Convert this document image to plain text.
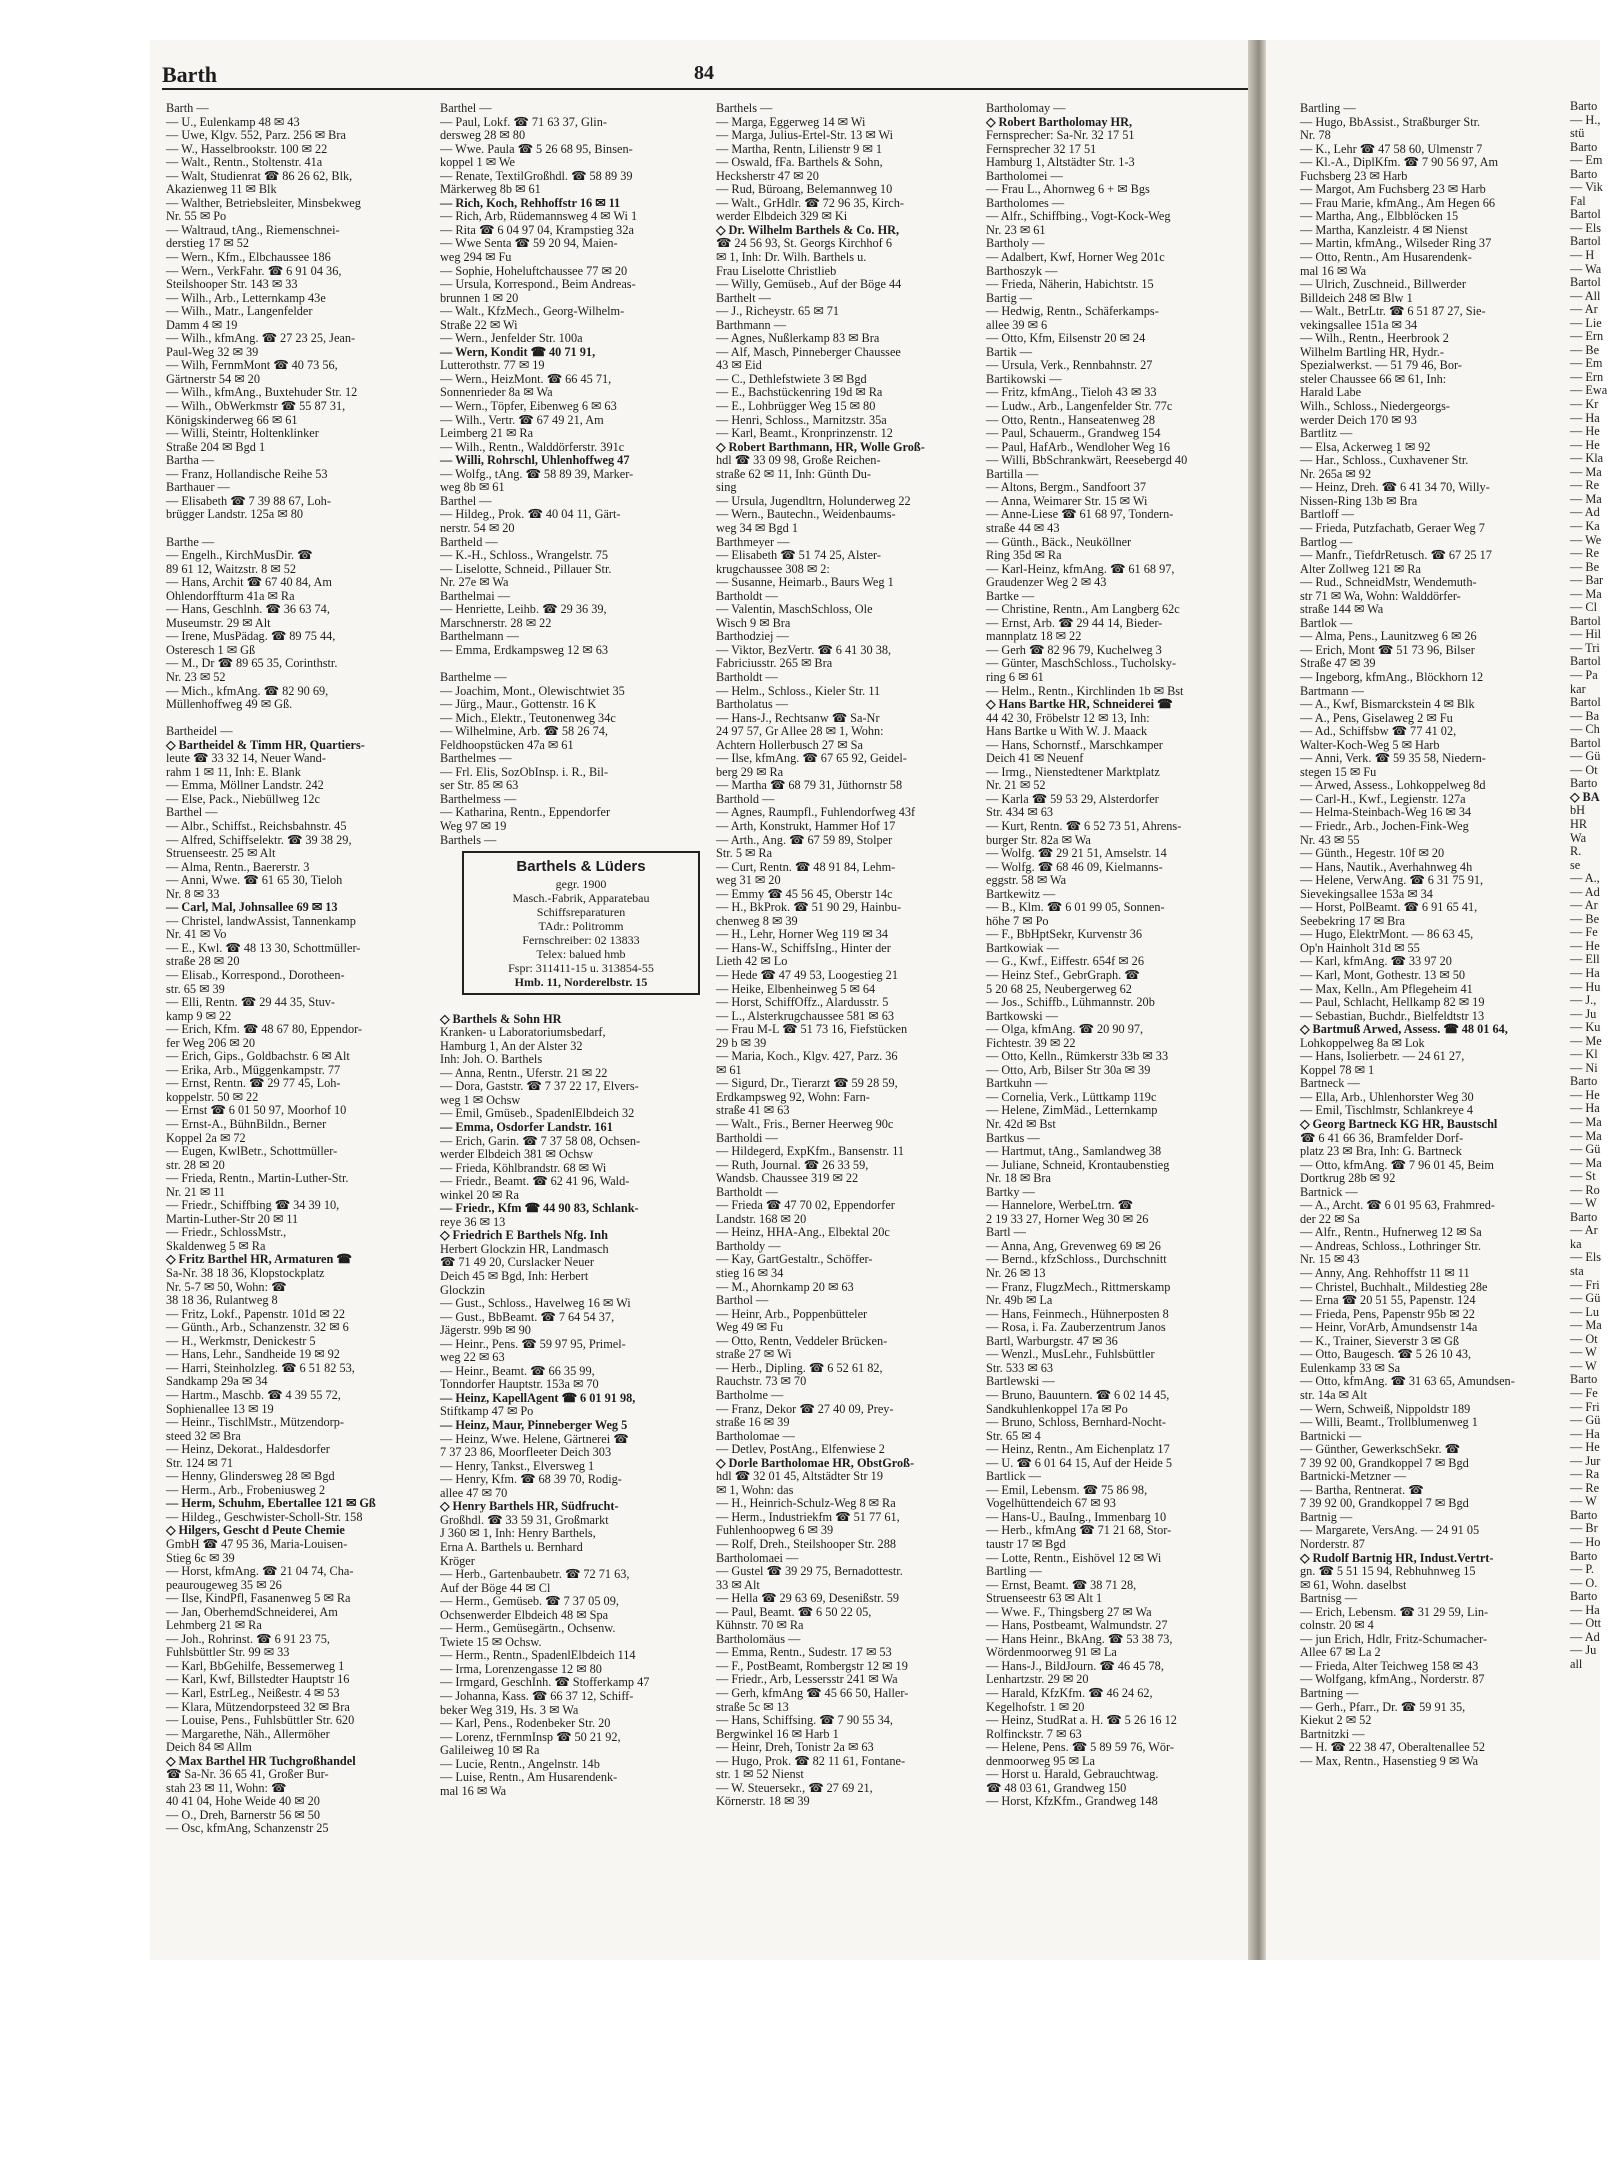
Barth	84
Barth —
— U., Eulenkamp 48 ✉ 43
— Uwe, Klgv. 552, Parz. 256 ✉ Bra
— W., Hasselbrookstr. 100 ✉ 22
— Walt., Rentn., Stoltenstr. 41a
— Walt, Studienrat ☎ 86 26 62, Blk,
Akazienweg 11 ✉ Blk
— Walther, Betriebsleiter, Minsbekweg
Nr. 55 ✉ Po
— Waltraud, tAng., Riemenschnei-
derstieg 17 ✉ 52
— Wern., Kfm., Elbchaussee 186
— Wern., VerkFahr. ☎ 6 91 04 36,
Steilshooper Str. 143 ✉ 33
— Wilh., Arb., Letternkamp 43e
— Wilh., Matr., Langenfelder
Damm 4 ✉ 19
— Wilh., kfmAng. ☎ 27 23 25, Jean-
Paul-Weg 32 ✉ 39
— Wilh, FernmMont ☎ 40 73 56,
Gärtnerstr 54 ✉ 20
— Wilh., kfmAng., Buxtehuder Str. 12
— Wilh., ObWerkmstr ☎ 55 87 31,
Königskinderweg 66 ✉ 61
— Willi, Steintr, Holtenklinker
Straße 204 ✉ Bgd 1
Bartha —
— Franz, Hollandische Reihe 53
Barthauer —
— Elisabeth ☎ 7 39 88 67, Loh-
brügger Landstr. 125a ✉ 80

Barthe —
— Engelh., KirchMusDir. ☎
89 61 12, Waitzstr. 8 ✉ 52
— Hans, Archit ☎ 67 40 84, Am
Ohlendorffturm 41a ✉ Ra
— Hans, Geschlnh. ☎ 36 63 74,
Museumstr. 29 ✉ Alt
— Irene, MusPädag. ☎ 89 75 44,
Osteresch 1 ✉ Gß
— M., Dr ☎ 89 65 35, Corinthstr.
Nr. 23 ✉ 52
— Mich., kfmAng. ☎ 82 90 69,
Müllenhoffweg 49 ✉ Gß.

Bartheidel —
◇ Bartheidel & Timm HR, Quartiers-
leute ☎ 33 32 14, Neuer Wand-
rahm 1 ✉ 11, Inh: E. Blank
— Emma, Möllner Landstr. 242
— Else, Pack., Niebüllweg 12c
Barthel —
— Albr., Schiffst., Reichsbahnstr. 45
— Alfred, Schiffselektr. ☎ 39 38 29,
Struenseestr. 25 ✉ Alt
— Alma, Rentn., Baererstr. 3
— Anni, Wwe. ☎ 61 65 30, Tieloh
Nr. 8 ✉ 33
— Carl, Mal, Johnsallee 69 ✉ 13
— Christel, landwAssist, Tannenkamp
Nr. 41 ✉ Vo
— E., Kwl. ☎ 48 13 30, Schottmüller-
straße 28 ✉ 20
— Elisab., Korrespond., Dorotheen-
str. 65 ✉ 39
— Elli, Rentn. ☎ 29 44 35, Stuv-
kamp 9 ✉ 22
— Erich, Kfm. ☎ 48 67 80, Eppendor-
fer Weg 206 ✉ 20
— Erich, Gips., Goldbachstr. 6 ✉ Alt
— Erika, Arb., Müggenkampstr. 77
— Ernst, Rentn. ☎ 29 77 45, Loh-
koppelstr. 50 ✉ 22
— Ernst ☎ 6 01 50 97, Moorhof 10
— Ernst-A., BühnBildn., Berner
Koppel 2a ✉ 72
— Eugen, KwlBetr., Schottmüller-
str. 28 ✉ 20
— Frieda, Rentn., Martin-Luther-Str.
Nr. 21 ✉ 11
— Friedr., Schiffbing ☎ 34 39 10,
Martin-Luther-Str 20 ✉ 11
— Friedr., SchlossMstr.,
Skaldenweg 5 ✉ Ra
◇ Fritz Barthel HR, Armaturen ☎
Sa-Nr. 38 18 36, Klopstockplatz
Nr. 5-7 ✉ 50, Wohn: ☎
38 18 36, Rulantweg 8
— Fritz, Lokf., Papenstr. 101d ✉ 22
— Günth., Arb., Schanzenstr. 32 ✉ 6
— H., Werkmstr, Denickestr 5
— Hans, Lehr., Sandheide 19 ✉ 92
— Harri, Steinholzleg. ☎ 6 51 82 53,
Sandkamp 29a ✉ 34
— Hartm., Maschb. ☎ 4 39 55 72,
Sophienallee 13 ✉ 19
— Heinr., TischlMstr., Mützendorp-
steed 32 ✉ Bra
— Heinz, Dekorat., Haldesdorfer
Str. 124 ✉ 71
— Henny, Glindersweg 28 ✉ Bgd
— Herm., Arb., Frobeniusweg 2
— Herm, Schuhm, Ebertallee 121 ✉ Gß
— Hildeg., Geschwister-Scholl-Str. 158
◇ Hilgers, Gescht d Peute Chemie
GmbH ☎ 47 95 36, Maria-Louisen-
Stieg 6c ✉ 39
— Horst, kfmAng. ☎ 21 04 74, Cha-
peaurougeweg 35 ✉ 26
— Ilse, KindPfl, Fasanenweg 5 ✉ Ra
— Jan, OberhemdSchneiderei, Am
Lehmberg 21 ✉ Ra
— Joh., Rohrinst. ☎ 6 91 23 75,
Fuhlsbüttler Str. 99 ✉ 33
— Karl, BbGehilfe, Bessemerweg 1
— Karl, Kwf, Billstedter Hauptstr 16
— Karl, EstrLeg., Neißestr. 4 ✉ 53
— Klara, Mützendorpsteed 32 ✉ Bra
— Louise, Pens., Fuhlsbüttler Str. 620
— Margarethe, Näh., Allermöher
Deich 84 ✉ Allm
◇ Max Barthel HR Tuchgroßhandel
☎ Sa-Nr. 36 65 41, Großer Bur-
stah 23 ✉ 11, Wohn: ☎
40 41 04, Hohe Weide 40 ✉ 20
— O., Dreh, Barnerstr 56 ✉ 50
— Osc, kfmAng, Schanzenstr 25
Barthel —
— Paul, Lokf. ☎ 71 63 37, Glin-
dersweg 28 ✉ 80
— Wwe. Paula ☎ 5 26 68 95, Binsen-
koppel 1 ✉ We
— Renate, TextilGroßhdl. ☎ 58 89 39
Märkerweg 8b ✉ 61
— Rich, Koch, Rehhoffstr 16 ✉ 11
— Rich, Arb, Rüdemannsweg 4 ✉ Wi 1
— Rita ☎ 6 04 97 04, Krampstieg 32a
— Wwe Senta ☎ 59 20 94, Maien-
weg 294 ✉ Fu
— Sophie, Hoheluftchaussee 77 ✉ 20
— Ursula, Korrespond., Beim Andreas-
brunnen 1 ✉ 20
— Walt., KfzMech., Georg-Wilhelm-
Straße 22 ✉ Wi
— Wern., Jenfelder Str. 100a
— Wern, Kondit ☎ 40 71 91,
Lutterothstr. 77 ✉ 19
— Wern., HeizMont. ☎ 66 45 71,
Sonnenrieder 8a ✉ Wa
— Wern., Töpfer, Eibenweg 6 ✉ 63
— Wilh., Vertr. ☎ 67 49 21, Am
Leimberg 21 ✉ Ra
— Wilh., Rentn., Walddörferstr. 391c
— Willi, Rohrschl, Uhlenhoffweg 47
— Wolfg., tAng. ☎ 58 89 39, Marker-
weg 8b ✉ 61
Barthel —
— Hildeg., Prok. ☎ 40 04 11, Gärt-
nerstr. 54 ✉ 20
Bartheld —
— K.-H., Schloss., Wrangelstr. 75
— Liselotte, Schneid., Pillauer Str.
Nr. 27e ✉ Wa
Barthelmai —
— Henriette, Leihb. ☎ 29 36 39,
Marschnerstr. 28 ✉ 22
Barthelmann —
— Emma, Erdkampsweg 12 ✉ 63

Barthelme —
— Joachim, Mont., Olewischtwiet 35
— Jürg., Maur., Gottenstr. 16 K
— Mich., Elektr., Teutonenweg 34c
— Wilhelmine, Arb. ☎ 58 26 74,
Feldhoopstücken 47a ✉ 61
Barthelmes —
— Frl. Elis, SozObInsp. i. R., Bil-
ser Str. 85 ✉ 63
Barthelmess —
— Katharina, Rentn., Eppendorfer
Weg 97 ✉ 19
Barthels —
Barthels & Lüders
gegr. 1900
Masch.-Fabrik, Apparatebau
Schiffsreparaturen
TAdr.: Politromm
Fernschreiber: 02 13833
Telex: balued hmb
Fspr: 311411-15 u. 313854-55
Hmb. 11, Norderelbstr. 15

◇ Barthels & Sohn HR
Kranken- u Laboratoriumsbedarf,
Hamburg 1, An der Alster 32
Inh: Joh. O. Barthels
— Anna, Rentn., Uferstr. 21 ✉ 22
— Dora, Gaststr. ☎ 7 37 22 17, Elvers-
weg 1 ✉ Ochsw
— Emil, Gmüseb., SpadenlElbdeich 32
— Emma, Osdorfer Landstr. 161
— Erich, Garin. ☎ 7 37 58 08, Ochsen-
werder Elbdeich 381 ✉ Ochsw
— Frieda, Köhlbrandstr. 68 ✉ Wi
— Friedr., Beamt. ☎ 62 41 96, Wald-
winkel 20 ✉ Ra
— Friedr., Kfm ☎ 44 90 83, Schlank-
reye 36 ✉ 13
◇ Friedrich E Barthels Nfg. Inh
Herbert Glockzin HR, Landmasch
☎ 71 49 20, Curslacker Neuer
Deich 45 ✉ Bgd, Inh: Herbert
Glockzin
— Gust., Schloss., Havelweg 16 ✉ Wi
— Gust., BbBeamt. ☎ 7 64 54 37,
Jägerstr. 99b ✉ 90
— Heinr., Pens. ☎ 59 97 95, Primel-
weg 22 ✉ 63
— Heinr., Beamt. ☎ 66 35 99,
Tonndorfer Hauptstr. 153a ✉ 70
— Heinz, KapellAgent ☎ 6 01 91 98,
Stiftkamp 47 ✉ Po
— Heinz, Maur, Pinneberger Weg 5
— Heinz, Wwe. Helene, Gärtnerei ☎
7 37 23 86, Moorfleeter Deich 303
— Henry, Tankst., Elversweg 1
— Henry, Kfm. ☎ 68 39 70, Rodig-
allee 47 ✉ 70
◇ Henry Barthels HR, Südfrucht-
Großhdl. ☎ 33 59 31, Großmarkt
J 360 ✉ 1, Inh: Henry Barthels,
Erna A. Barthels u. Bernhard
Kröger
— Herb., Gartenbaubetr. ☎ 72 71 63,
Auf der Böge 44 ✉ Cl
— Herm., Gemüseb. ☎ 7 37 05 09,
Ochsenwerder Elbdeich 48 ✉ Spa
— Herm., Gemüsegärtn., Ochsenw.
Twiete 15 ✉ Ochsw.
— Herm., Rentn., SpadenlElbdeich 114
— Irma, Lorenzengasse 12 ✉ 80
— Irmgard, GeschInh. ☎ Stofferkamp 47
— Johanna, Kass. ☎ 66 37 12, Schiff-
beker Weg 319, Hs. 3 ✉ Wa
— Karl, Pens., Rodenbeker Str. 20
— Lorenz, tFernmInsp ☎ 50 21 92,
Galileiweg 10 ✉ Ra
— Lucie, Rentn., Angelnstr. 14b
— Luise, Rentn., Am Husarendenk-
mal 16 ✉ Wa
Barthels —
— Marga, Eggerweg 14 ✉ Wi
— Marga, Julius-Ertel-Str. 13 ✉ Wi
— Martha, Rentn, Lilienstr 9 ✉ 1
— Oswald, fFa. Barthels & Sohn,
Hecksherstr 47 ✉ 20
— Rud, Büroang, Belemannweg 10
— Walt., GrHdlr. ☎ 72 96 35, Kirch-
werder Elbdeich 329 ✉ Ki
◇ Dr. Wilhelm Barthels & Co. HR,
☎ 24 56 93, St. Georgs Kirchhof 6
✉ 1, Inh: Dr. Wilh. Barthels u.
Frau Liselotte Christlieb
— Willy, Gemüseb., Auf der Böge 44
Barthelt —
— J., Richeystr. 65 ✉ 71
Barthmann —
— Agnes, Nußlerkamp 83 ✉ Bra
— Alf, Masch, Pinneberger Chaussee
43 ✉ Eid
— C., Dethlefstwiete 3 ✉ Bgd
— E., Bachstückenring 19d ✉ Ra
— E., Lohbrügger Weg 15 ✉ 80
— Henri, Schloss., Marnitzstr. 35a
— Karl, Beamt., Kronprinzenstr. 12
◇ Robert Barthmann, HR, Wolle Groß-
hdl ☎ 33 09 98, Große Reichen-
straße 62 ✉ 11, Inh: Günth Du-
sing
— Ursula, Jugendltrn, Holunderweg 22
— Wern., Bautechn., Weidenbaums-
weg 34 ✉ Bgd 1
Barthmeyer —
— Elisabeth ☎ 51 74 25, Alster-
krugchaussee 308 ✉ 2:
— Susanne, Heimarb., Baurs Weg 1
Bartholdt —
— Valentin, MaschSchloss, Ole
Wisch 9 ✉ Bra
Barthodziej —
— Viktor, BezVertr. ☎ 6 41 30 38,
Fabriciusstr. 265 ✉ Bra
Bartholdt —
— Helm., Schloss., Kieler Str. 11
Bartholatus —
— Hans-J., Rechtsanw ☎ Sa-Nr
24 97 57, Gr Allee 28 ✉ 1, Wohn:
Achtern Hollerbusch 27 ✉ Sa
— Ilse, kfmAng. ☎ 67 65 92, Geidel-
berg 29 ✉ Ra
— Martha ☎ 68 79 31, Jüthornstr 58
Barthold —
— Agnes, Raumpfl., Fuhlendorfweg 43f
— Arth, Konstrukt, Hammer Hof 17
— Arth., Ang. ☎ 67 59 89, Stolper
Str. 5 ✉ Ra
— Curt, Rentn. ☎ 48 91 84, Lehm-
weg 31 ✉ 20
— Emmy ☎ 45 56 45, Oberstr 14c
— H., BkProk. ☎ 51 90 29, Hainbu-
chenweg 8 ✉ 39
— H., Lehr, Horner Weg 119 ✉ 34
— Hans-W., SchiffsIng., Hinter der
Lieth 42 ✉ Lo
— Hede ☎ 47 49 53, Loogestieg 21
— Heike, Elbenheinweg 5 ✉ 64
— Horst, SchiffOffz., Alardusstr. 5
— L., Alsterkrugchaussee 581 ✉ 63
— Frau M-L ☎ 51 73 16, Fiefstücken
29 b ✉ 39
— Maria, Koch., Klgv. 427, Parz. 36
✉ 61
— Sigurd, Dr., Tierarzt ☎ 59 28 59,
Erdkampsweg 92, Wohn: Farn-
straße 41 ✉ 63
— Walt., Fris., Berner Heerweg 90c
Bartholdi —
— Hildegerd, ExpKfm., Bansenstr. 11
— Ruth, Journal. ☎ 26 33 59,
Wandsb. Chaussee 319 ✉ 22
Bartholdt —
— Frieda ☎ 47 70 02, Eppendorfer
Landstr. 168 ✉ 20
— Heinz, HHA-Ang., Elbektal 20c
Bartholdy —
— Kay, GartGestaltr., Schöffer-
stieg 16 ✉ 34
— M., Ahornkamp 20 ✉ 63
Barthol —
— Heinr, Arb., Poppenbütteler
Weg 49 ✉ Fu
— Otto, Rentn, Veddeler Brücken-
straße 27 ✉ Wi
— Herb., Dipling. ☎ 6 52 61 82,
Rauchstr. 73 ✉ 70
Bartholme —
— Franz, Dekor ☎ 27 40 09, Prey-
straße 16 ✉ 39
Bartholomae —
— Detlev, PostAng., Elfenwiese 2
◇ Dorle Bartholomae HR, ObstGroß-
hdl ☎ 32 01 45, Altstädter Str 19
✉ 1, Wohn: das
— H., Heinrich-Schulz-Weg 8 ✉ Ra
— Herm., Industriekfm ☎ 51 77 61,
Fuhlenhoopweg 6 ✉ 39
— Rolf, Dreh., Steilshooper Str. 288
Bartholomaei —
— Gustel ☎ 39 29 75, Bernadottestr.
33 ✉ Alt
— Hella ☎ 29 63 69, Desenißstr. 59
— Paul, Beamt. ☎ 6 50 22 05,
Kühnstr. 70 ✉ Ra
Bartholomäus —
— Emma, Rentn., Sudestr. 17 ✉ 53
— F., PostBeamt, Rombergstr 12 ✉ 19
— Friedr., Arb, Lessersstr 241 ✉ Wa
— Gerh, kfmAng ☎ 45 66 50, Haller-
straße 5c ✉ 13
— Hans, Schiffsing. ☎ 7 90 55 34,
Bergwinkel 16 ✉ Harb 1
— Heinr, Dreh, Tonistr 2a ✉ 63
— Hugo, Prok. ☎ 82 11 61, Fontane-
str. 1 ✉ 52 Nienst
— W. Steuersekr., ☎ 27 69 21,
Körnerstr. 18 ✉ 39
Bartholomay —
◇ Robert Bartholomay HR,
Fernsprecher: Sa-Nr. 32 17 51
Fernsprecher 32 17 51
Hamburg 1, Altstädter Str. 1-3
Bartholomei —
— Frau L., Ahornweg 6 + ✉ Bgs
Bartholomes —
— Alfr., Schiffbing., Vogt-Kock-Weg
Nr. 23 ✉ 61
Bartholy —
— Adalbert, Kwf, Horner Weg 201c
Barthoszyk —
— Frieda, Näherin, Habichtstr. 15
Bartig —
— Hedwig, Rentn., Schäferkamps-
allee 39 ✉ 6
— Otto, Kfm, Eilsenstr 20 ✉ 24
Bartik —
— Ursula, Verk., Rennbahnstr. 27
Bartikowski —
— Fritz, kfmAng., Tieloh 43 ✉ 33
— Ludw., Arb., Langenfelder Str. 77c
— Otto, Rentn., Hanseatenweg 28
— Paul, Schauerm., Grandweg 154
— Paul, HafArb., Wendloher Weg 16
— Willi, BbSchrankwärt, Reesebergd 40
Bartilla —
— Altons, Bergm., Sandfoort 37
— Anna, Weimarer Str. 15 ✉ Wi
— Anne-Liese ☎ 61 68 97, Tondern-
straße 44 ✉ 43
— Günth., Bäck., Neuköllner
Ring 35d ✉ Ra
— Karl-Heinz, kfmAng. ☎ 61 68 97,
Graudenzer Weg 2 ✉ 43
Bartke —
— Christine, Rentn., Am Langberg 62c
— Ernst, Arb. ☎ 29 44 14, Bieder-
mannplatz 18 ✉ 22
— Gerh ☎ 82 96 79, Kuchelweg 3
— Günter, MaschSchloss., Tucholsky-
ring 6 ✉ 61
— Helm., Rentn., Kirchlinden 1b ✉ Bst
◇ Hans Bartke HR, Schneiderei ☎
44 42 30, Fröbelstr 12 ✉ 13, Inh:
Hans Bartke u With W. J. Maack
— Hans, Schornstf., Marschkamper
Deich 41 ✉ Neuenf
— Irmg., Nienstedtener Marktplatz
Nr. 21 ✉ 52
— Karla ☎ 59 53 29, Alsterdorfer
Str. 434 ✉ 63
— Kurt, Rentn. ☎ 6 52 73 51, Ahrens-
burger Str. 82a ✉ Wa
— Wolfg. ☎ 29 21 51, Amselstr. 14
— Wolfg. ☎ 68 46 09, Kielmanns-
eggstr. 58 ✉ Wa
Bartkewitz —
— B., Klm. ☎ 6 01 99 05, Sonnen-
höhe 7 ✉ Po
— F., BbHptSekr, Kurvenstr 36
Bartkowiak —
— G., Kwf., Eiffestr. 654f ✉ 26
— Heinz Stef., GebrGraph. ☎
5 20 68 25, Neubergerweg 62
— Jos., Schiffb., Lühmannstr. 20b
Bartkowski —
— Olga, kfmAng. ☎ 20 90 97,
Fichtestr. 39 ✉ 22
— Otto, Kelln., Rümkerstr 33b ✉ 33
— Otto, Arb, Bilser Str 30a ✉ 39
Bartkuhn —
— Cornelia, Verk., Lüttkamp 119c
— Helene, ZimMäd., Letternkamp
Nr. 42d ✉ Bst
Bartkus —
— Hartmut, tAng., Samlandweg 38
— Juliane, Schneid, Krontaubenstieg
Nr. 18 ✉ Bra
Bartky —
— Hannelore, WerbeLtrn. ☎
2 19 33 27, Horner Weg 30 ✉ 26
Bartl —
— Anna, Ang, Grevenweg 69 ✉ 26
— Bernd., kfzSchloss., Durchschnitt
Nr. 26 ✉ 13
— Franz, FlugzMech., Rittmerskamp
Nr. 49b ✉ La
— Hans, Feinmech., Hühnerposten 8
— Rosa, i. Fa. Zauberzentrum Janos
Bartl, Warburgstr. 47 ✉ 36
— Wenzl., MusLehr., Fuhlsbüttler
Str. 533 ✉ 63
Bartlewski —
— Bruno, Bauuntern. ☎ 6 02 14 45,
Sandkuhlenkoppel 17a ✉ Po
— Bruno, Schloss, Bernhard-Nocht-
Str. 65 ✉ 4
— Heinz, Rentn., Am Eichenplatz 17
— U. ☎ 6 01 64 15, Auf der Heide 5
Bartlick —
— Emil, Lebensm. ☎ 75 86 98,
Vogelhüttendeich 67 ✉ 93
— Hans-U., BauIng., Immenbarg 10
— Herb., kfmAng ☎ 71 21 68, Stor-
taustr 17 ✉ Bgd
— Lotte, Rentn., Eishövel 12 ✉ Wi
Bartling —
— Ernst, Beamt. ☎ 38 71 28,
Struenseestr 63 ✉ Alt 1
— Wwe. F., Thingsberg 27 ✉ Wa
— Hans, Postbeamt, Walmundstr. 27
— Hans Heinr., BkAng. ☎ 53 38 73,
Wördenmoorweg 91 ✉ La
— Hans-J., BildJourn. ☎ 46 45 78,
Lenhartzstr. 29 ✉ 20
— Harald, KfzKfm. ☎ 46 24 62,
Kegelhofstr. 1 ✉ 20
— Heinz, StudRat a. H. ☎ 5 26 16 12
Rolfinckstr. 7 ✉ 63
— Helene, Pens. ☎ 5 89 59 76, Wör-
denmoorweg 95 ✉ La
— Horst u. Harald, Gebrauchtwag.
☎ 48 03 61, Grandweg 150
— Horst, KfzKfm., Grandweg 148
Bartling —
— Hugo, BbAssist., Straßburger Str.
Nr. 78
— K., Lehr ☎ 47 58 60, Ulmenstr 7
— Kl.-A., DiplKfm. ☎ 7 90 56 97, Am
Fuchsberg 23 ✉ Harb
— Margot, Am Fuchsberg 23 ✉ Harb
— Frau Marie, kfmAng., Am Hegen 66
— Martha, Ang., Elbblöcken 15
— Martha, Kanzleistr. 4 ✉ Nienst
— Martin, kfmAng., Wilseder Ring 37
— Otto, Rentn., Am Husarendenk-
mal 16 ✉ Wa
— Ulrich, Zuschneid., Billwerder
Billdeich 248 ✉ Blw 1
— Walt., BetrLtr. ☎ 6 51 87 27, Sie-
vekingsallee 151a ✉ 34
— Wilh., Rentn., Heerbrook 2
Wilhelm Bartling HR, Hydr.-
Spezialwerkst. — 51 79 46, Bor-
steler Chaussee 66 ✉ 61, Inh:
Harald Labe
Wilh., Schloss., Niedergeorgs-
werder Deich 170 ✉ 93
Bartlitz —
— Elsa, Ackerweg 1 ✉ 92
— Har., Schloss., Cuxhavener Str.
Nr. 265a ✉ 92
— Heinz, Dreh. ☎ 6 41 34 70, Willy-
Nissen-Ring 13b ✉ Bra
Bartloff —
— Frieda, Putzfachatb, Geraer Weg 7
Bartlog —
— Manfr., TiefdrRetusch. ☎ 67 25 17
Alter Zollweg 121 ✉ Ra
— Rud., SchneidMstr, Wendemuth-
str 71 ✉ Wa, Wohn: Walddörfer-
straße 144 ✉ Wa
Bartlok —
— Alma, Pens., Launitzweg 6 ✉ 26
— Erich, Mont ☎ 51 73 96, Bilser
Straße 47 ✉ 39
— Ingeborg, kfmAng., Blöckhorn 12
Bartmann —
— A., Kwf, Bismarckstein 4 ✉ Blk
— A., Pens, Giselaweg 2 ✉ Fu
— Ad., Schiffsbw ☎ 77 41 02,
Walter-Koch-Weg 5 ✉ Harb
— Anni, Verk. ☎ 59 35 58, Niedern-
stegen 15 ✉ Fu
— Arwed, Assess., Lohkoppelweg 8d
— Carl-H., Kwf., Legienstr. 127a
— Helma-Steinbach-Weg 16 ✉ 34
— Friedr., Arb., Jochen-Fink-Weg
Nr. 43 ✉ 55
— Günth., Hegestr. 10f ✉ 20
— Hans, Nautik., Averhahnweg 4h
— Helene, VerwAng. ☎ 6 31 75 91,
Sievekingsallee 153a ✉ 34
— Horst, PolBeamt. ☎ 6 91 65 41,
Seebekring 17 ✉ Bra
— Hugo, ElektrMont. — 86 63 45,
Op'n Hainholt 31d ✉ 55
— Karl, kfmAng. ☎ 33 97 20
— Karl, Mont, Gothestr. 13 ✉ 50
— Max, Kelln., Am Pflegeheim 41
— Paul, Schlacht, Hellkamp 82 ✉ 19
— Sebastian, Buchdr., Bielfeldtstr 13
◇ Bartmuß Arwed, Assess. ☎ 48 01 64,
Lohkoppelweg 8a ✉ Lok
— Hans, Isolierbetr. — 24 61 27,
Koppel 78 ✉ 1
Bartneck —
— Ella, Arb., Uhlenhorster Weg 30
— Emil, Tischlmstr, Schlankreye 4
◇ Georg Bartneck KG HR, Baustschl
☎ 6 41 66 36, Bramfelder Dorf-
platz 23 ✉ Bra, Inh: G. Bartneck
— Otto, kfmAng. ☎ 7 96 01 45, Beim
Dortkrug 28b ✉ 92
Bartnick —
— A., Archt. ☎ 6 01 95 63, Frahmred-
der 22 ✉ Sa
— Alfr., Rentn., Hufnerweg 12 ✉ Sa
— Andreas, Schloss., Lothringer Str.
Nr. 15 ✉ 43
— Anny, Ang. Rehhoffstr 11 ✉ 11
— Christel, Buchhalt., Mildestieg 28e
— Erna ☎ 20 51 55, Papenstr. 124
— Frieda, Pens, Papenstr 95b ✉ 22
— Heinr, VorArb, Amundsenstr 14a
— K., Trainer, Sieverstr 3 ✉ Gß
— Otto, Baugesch. ☎ 5 26 10 43,
Eulenkamp 33 ✉ Sa
— Otto, kfmAng. ☎ 31 63 65, Amundsen-
str. 14a ✉ Alt
— Wern, Schweiß, Nippoldstr 189
— Willi, Beamt., Trollblumenweg 1
Bartnicki —
— Günther, GewerkschSekr. ☎
7 39 92 00, Grandkoppel 7 ✉ Bgd
Bartnicki-Metzner —
— Bartha, Rentnerat. ☎
7 39 92 00, Grandkoppel 7 ✉ Bgd
Bartnig —
— Margarete, VersAng. — 24 91 05
Norderstr. 87
◇ Rudolf Bartnig HR, Indust.Vertrt-
gn. ☎ 5 51 15 94, Rebhuhnweg 15
✉ 61, Wohn. daselbst
Bartnisg —
— Erich, Lebensm. ☎ 31 29 59, Lin-
colnstr. 20 ✉ 4
— jun Erich, Hdlr, Fritz-Schumacher-
Allee 67 ✉ La 2
— Frieda, Alter Teichweg 158 ✉ 43
— Wolfgang, kfmAng., Norderstr. 87
Bartning —
— Gerh., Pfarr., Dr. ☎ 59 91 35,
Kiekut 2 ✉ 52
Bartnitzki —
— H. ☎ 22 38 47, Oberaltenallee 52
— Max, Rentn., Hasenstieg 9 ✉ Wa
Barto
— H.,
stü
Barto
— Em
Barto
— Vik
Fal
Bartol
— Els
Bartol
— H
— Wa
Bartol
— All
— Ar
— Lie
— Ern
— Be
— Em
— Ern
— Ewa
— Kr
— Ha
— He
— He
— Kla
— Ma
— Re
— Ma
— Ad
— Ka
— We
— Re
— Be
— Bar
— Ma
— Cl
Bartol
— Hil
— Tri
Bartol
— Pa
kar
Bartol
— Ba
— Ch
Bartol
— Gü
— Ot
Barto
◇ BA
bH
HR
Wa
R.
se
— A.,
— Ad
— Ar
— Be
— Fe
— He
— Ell
— Ha
— Hu
— J.,
— Ju
— Ku
— Me
— Kl
— Ni
Barto
— He
— Ha
— Ma
— Ma
— Gü
— Ma
— St
— Ro
— W
Barto
— Ar
ka
— Els
sta
— Fri
— Gü
— Lu
— Ma
— Ot
— W
— W
Barto
— Fe
— Fri
— Gü
— Ha
— He
— Jur
— Ra
— Re
— W
Barto
— Br
— Ho
Barto
— P.
— O.
Barto
— Ha
— Ott
— Ad
— Ju
all
